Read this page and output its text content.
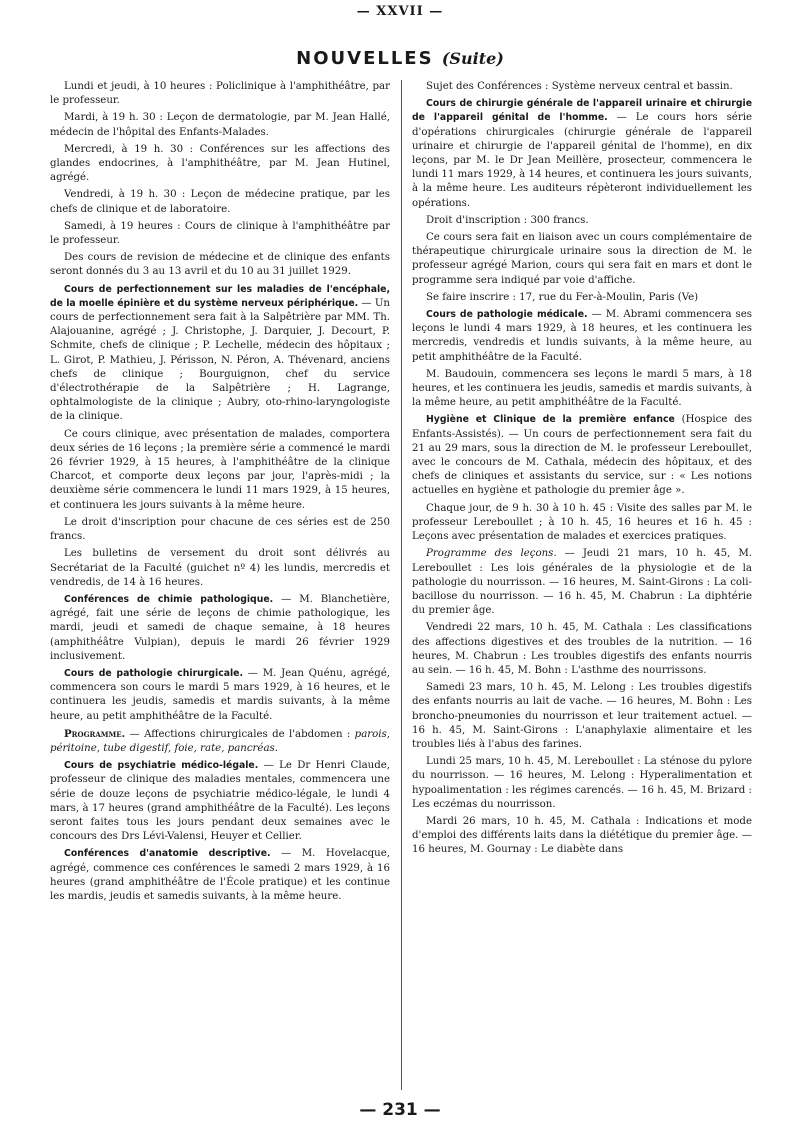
— XXVII —
NOUVELLES (Suite)

Lundi et jeudi, à 10 heures : Policlinique à l'amphithéâtre, par le professeur.

Mardi, à 19 h. 30 : Leçon de dermatologie, par M. Jean Hallé, médecin de l'hôpital des Enfants-Malades.

Mercredi, à 19 h. 30 : Conférences sur les affections des glandes endocrines, à l'amphithéâtre, par M. Jean Hutinel, agrégé.

Vendredi, à 19 h. 30 : Leçon de médecine pratique, par les chefs de clinique et de laboratoire.

Samedi, à 19 heures : Cours de clinique à l'amphithéâtre par le professeur.

Des cours de revision de médecine et de clinique des enfants seront donnés du 3 au 13 avril et du 10 au 31 juillet 1929.

Cours de perfectionnement sur les maladies de l'encéphale, de la moelle épinière et du système nerveux périphérique. — Un cours de perfectionnement sera fait à la Salpêtrière par MM. Th. Alajouanine, agrégé ; J. Christophe, J. Darquier, J. Decourt, P. Schmite, chefs de clinique ; P. Lechelle, médecin des hôpitaux ; L. Girot, P. Mathieu, J. Périsson, N. Péron, A. Thévenard, anciens chefs de clinique ; Bourguignon, chef du service d'électrothérapie de la Salpêtrière ; H. Lagrange, ophtalmologiste de la clinique ; Aubry, oto-rhino-laryngologiste de la clinique.

Ce cours clinique, avec présentation de malades, comportera deux séries de 16 leçons ; la première série a commencé le mardi 26 février 1929, à 15 heures, à l'amphithéâtre de la clinique Charcot, et comporte deux leçons par jour, l'après-midi ; la deuxième série commencera le lundi 11 mars 1929, à 15 heures, et continuera les jours suivants à la même heure.

Le droit d'inscription pour chacune de ces séries est de 250 francs.

Les bulletins de versement du droit sont délivrés au Secrétariat de la Faculté (guichet nº 4) les lundis, mercredis et vendredis, de 14 à 16 heures.

Conférences de chimie pathologique. — M. Blanchetière, agrégé, fait une série de leçons de chimie pathologique, les mardi, jeudi et samedi de chaque semaine, à 18 heures (amphithéâtre Vulpian), depuis le mardi 26 février 1929 inclusivement.

Cours de pathologie chirurgicale. — M. Jean Quénu, agrégé, commencera son cours le mardi 5 mars 1929, à 16 heures, et le continuera les jeudis, samedis et mardis suivants, à la même heure, au petit amphithéâtre de la Faculté.

Programme. — Affections chirurgicales de l'abdomen : parois, péritoine, tube digestif, foie, rate, pancréas.

Cours de psychiatrie médico-légale. — Le Dr Henri Claude, professeur de clinique des maladies mentales, commencera une série de douze leçons de psychiatrie médico-légale, le lundi 4 mars, à 17 heures (grand amphithéâtre de la Faculté). Les leçons seront faites tous les jours pendant deux semaines avec le concours des Drs Lévi-Valensi, Heuyer et Cellier.

Conférences d'anatomie descriptive. — M. Hovelacque, agrégé, commence ces conférences le samedi 2 mars 1929, à 16 heures (grand amphithéâtre de l'École pratique) et les continue les mardis, jeudis et samedis suivants, à la même heure.

Sujet des Conférences : Système nerveux central et bassin.

Cours de chirurgie générale de l'appareil urinaire et chirurgie de l'appareil génital de l'homme. — Le cours hors série d'opérations chirurgicales (chirurgie générale de l'appareil urinaire et chirurgie de l'appareil génital de l'homme), en dix leçons, par M. le Dr Jean Meillère, prosecteur, commencera le lundi 11 mars 1929, à 14 heures, et continuera les jours suivants, à la même heure. Les auditeurs répèteront individuellement les opérations.

Droit d'inscription : 300 francs.

Ce cours sera fait en liaison avec un cours complémentaire de thérapeutique chirurgicale urinaire sous la direction de M. le professeur agrégé Marion, cours qui sera fait en mars et dont le programme sera indiqué par voie d'affiche.

Se faire inscrire : 17, rue du Fer-à-Moulin, Paris (Ve)

Cours de pathologie médicale. — M. Abrami commencera ses leçons le lundi 4 mars 1929, à 18 heures, et les continuera les mercredis, vendredis et lundis suivants, à la même heure, au petit amphithéâtre de la Faculté.

M. Baudouin, commencera ses leçons le mardi 5 mars, à 18 heures, et les continuera les jeudis, samedis et mardis suivants, à la même heure, au petit amphithéâtre de la Faculté.

Hygiène et Clinique de la première enfance (Hospice des Enfants-Assistés). — Un cours de perfectionnement sera fait du 21 au 29 mars, sous la direction de M. le professeur Lereboullet, avec le concours de M. Cathala, médecin des hôpitaux, et des chefs de cliniques et assistants du service, sur : « Les notions actuelles en hygiène et pathologie du premier âge ».

Chaque jour, de 9 h. 30 à 10 h. 45 : Visite des salles par M. le professeur Lereboullet ; à 10 h. 45, 16 heures et 16 h. 45 : Leçons avec présentation de malades et exercices pratiques.

Programme des leçons. — Jeudi 21 mars, 10 h. 45, M. Lereboullet : Les lois générales de la physiologie et de la pathologie du nourrisson. — 16 heures, M. Saint-Girons : La coli-bacillose du nourrisson. — 16 h. 45, M. Chabrun : La diphtérie du premier âge.

Vendredi 22 mars, 10 h. 45, M. Cathala : Les classifications des affections digestives et des troubles de la nutrition. — 16 heures, M. Chabrun : Les troubles digestifs des enfants nourris au sein. — 16 h. 45, M. Bohn : L'asthme des nourrissons.

Samedi 23 mars, 10 h. 45, M. Lelong : Les troubles digestifs des enfants nourris au lait de vache. — 16 heures, M. Bohn : Les broncho-pneumonies du nourrisson et leur traitement actuel. — 16 h. 45, M. Saint-Girons : L'anaphylaxie alimentaire et les troubles liés à l'abus des farines.

Lundi 25 mars, 10 h. 45, M. Lereboullet : La sténose du pylore du nourrisson. — 16 heures, M. Lelong : Hyperalimentation et hypoalimentation : les régimes carencés. — 16 h. 45, M. Brizard : Les eczémas du nourrisson.

Mardi 26 mars, 10 h. 45, M. Cathala : Indications et mode d'emploi des différents laits dans la diététique du premier âge. — 16 heures, M. Gournay : Le diabète dans

— 231 —
